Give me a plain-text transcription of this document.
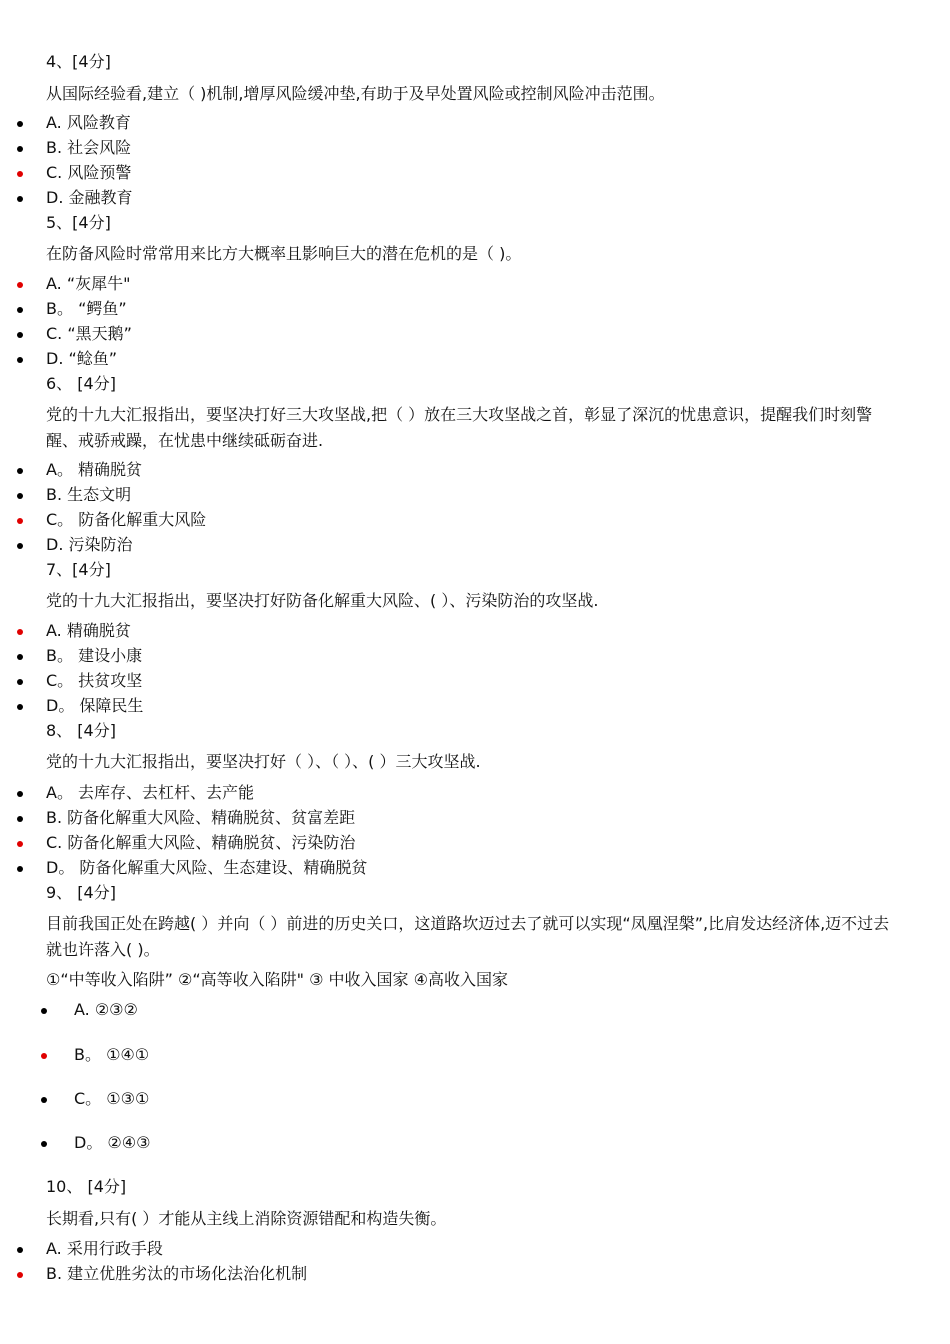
4、[4分]
从国际经验看,建立（ )机制,增厚风险缓冲垫,有助于及早处置风险或控制风险冲击范围。
A. 风险教育
B. 社会风险
C. 风险预警
D. 金融教育
5、[4分]
在防备风险时常常用来比方大概率且影响巨大的潜在危机的是（ )。
A. “灰犀牛"
B。 “鳄鱼”
C. “黑天鹅”
D. “鲶鱼”
6、 [4分]
党的十九大汇报指出，要坚决打好三大攻坚战,把（ ）放在三大攻坚战之首，彰显了深沉的忧患意识，提醒我们时刻警醒、戒骄戒躁，在忧患中继续砥砺奋进.
A。 精确脱贫
B. 生态文明
C。 防备化解重大风险
D. 污染防治
7、[4分]
党的十九大汇报指出，要坚决打好防备化解重大风险、( ）、污染防治的攻坚战.
A. 精确脱贫
B。 建设小康
C。 扶贫攻坚
D。 保障民生
8、 [4分]
党的十九大汇报指出，要坚决打好（ ）、（ ）、( ）三大攻坚战.
A。 去库存、去杠杆、去产能
B. 防备化解重大风险、精确脱贫、贫富差距
C. 防备化解重大风险、精确脱贫、污染防治
D。 防备化解重大风险、生态建设、精确脱贫
9、 [4分]
目前我国正处在跨越( ）并向（ ）前进的历史关口，这道路坎迈过去了就可以实现“凤凰涅槃”,比肩发达经济体,迈不过去就也许落入( )。
①“中等收入陷阱” ②“高等收入陷阱" ③ 中收入国家 ④高收入国家
A. ②③②
B。 ①④①
C。 ①③①
D。 ②④③
10、 [4分]
长期看,只有( ）才能从主线上消除资源错配和构造失衡。
A. 采用行政手段
B. 建立优胜劣汰的市场化法治化机制
